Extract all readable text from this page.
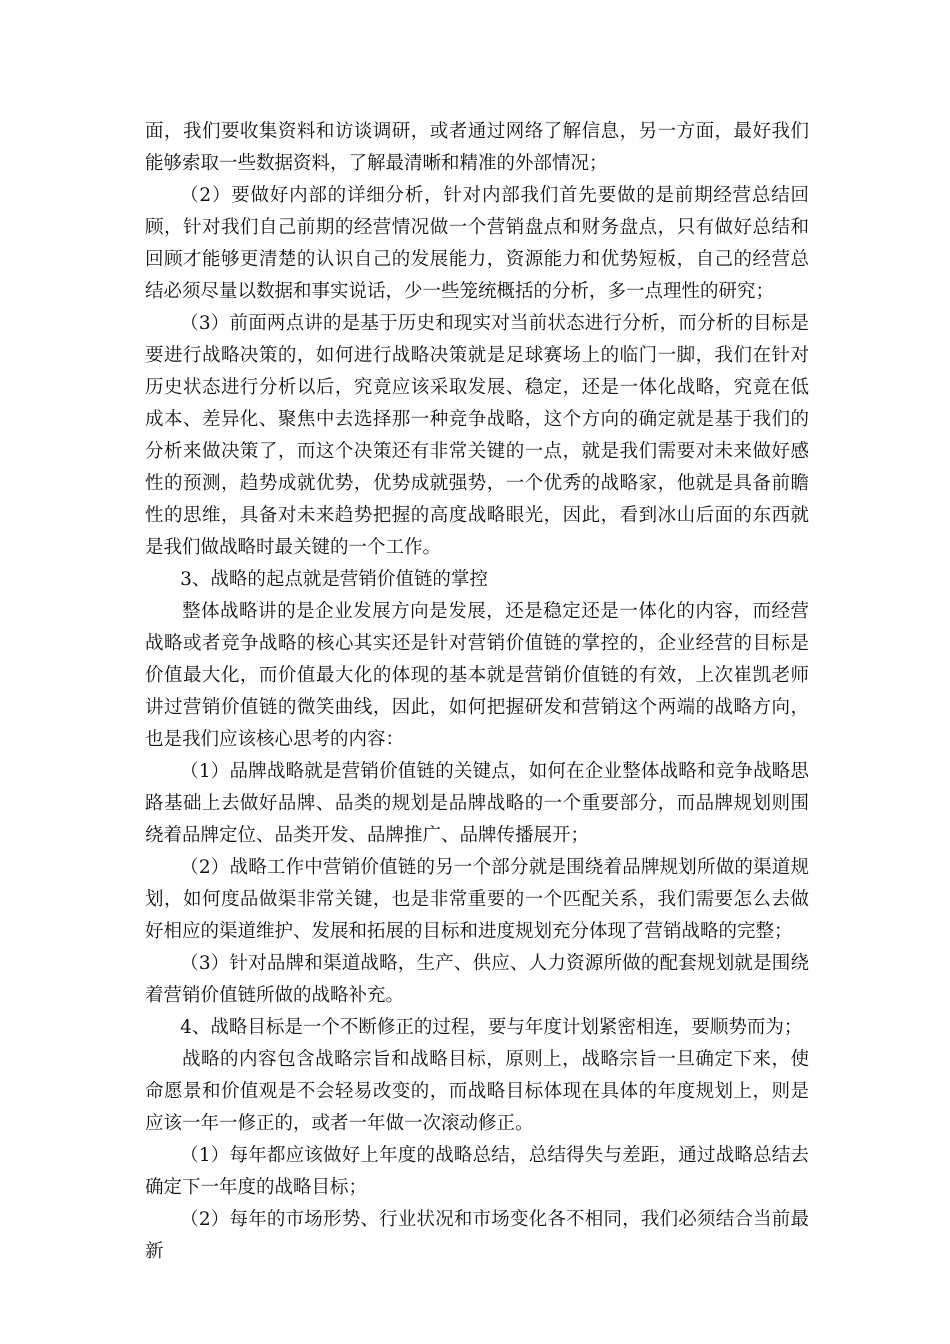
面，我们要收集资料和访谈调研，或者通过网络了解信息，另一方面，最好我们能够索取一些数据资料，了解最清晰和精准的外部情况；

（2）要做好内部的详细分析，针对内部我们首先要做的是前期经营总结回顾，针对我们自己前期的经营情况做一个营销盘点和财务盘点，只有做好总结和回顾才能够更清楚的认识自己的发展能力，资源能力和优势短板，自己的经营总结必须尽量以数据和事实说话，少一些笼统概括的分析，多一点理性的研究；

（3）前面两点讲的是基于历史和现实对当前状态进行分析，而分析的目标是要进行战略决策的，如何进行战略决策就是足球赛场上的临门一脚，我们在针对历史状态进行分析以后，究竟应该采取发展、稳定，还是一体化战略，究竟在低成本、差异化、聚焦中去选择那一种竞争战略，这个方向的确定就是基于我们的分析来做决策了，而这个决策还有非常关键的一点，就是我们需要对未来做好感性的预测，趋势成就优势，优势成就强势，一个优秀的战略家，他就是具备前瞻性的思维，具备对未来趋势把握的高度战略眼光，因此，看到冰山后面的东西就是我们做战略时最关键的一个工作。

3、战略的起点就是营销价值链的掌控

整体战略讲的是企业发展方向是发展，还是稳定还是一体化的内容，而经营战略或者竞争战略的核心其实还是针对营销价值链的掌控的，企业经营的目标是价值最大化，而价值最大化的体现的基本就是营销价值链的有效，上次崔凯老师讲过营销价值链的微笑曲线，因此，如何把握研发和营销这个两端的战略方向，也是我们应该核心思考的内容：

（1）品牌战略就是营销价值链的关键点，如何在企业整体战略和竞争战略思路基础上去做好品牌、品类的规划是品牌战略的一个重要部分，而品牌规划则围绕着品牌定位、品类开发、品牌推广、品牌传播展开；

（2）战略工作中营销价值链的另一个部分就是围绕着品牌规划所做的渠道规划，如何度品做渠非常关键，也是非常重要的一个匹配关系，我们需要怎么去做好相应的渠道维护、发展和拓展的目标和进度规划充分体现了营销战略的完整；

（3）针对品牌和渠道战略，生产、供应、人力资源所做的配套规划就是围绕着营销价值链所做的战略补充。

4、战略目标是一个不断修正的过程，要与年度计划紧密相连，要顺势而为；

战略的内容包含战略宗旨和战略目标，原则上，战略宗旨一旦确定下来，使命愿景和价值观是不会轻易改变的，而战略目标体现在具体的年度规划上，则是应该一年一修正的，或者一年做一次滚动修正。

（1）每年都应该做好上年度的战略总结，总结得失与差距，通过战略总结去确定下一年度的战略目标；

（2）每年的市场形势、行业状况和市场变化各不相同，我们必须结合当前最新
